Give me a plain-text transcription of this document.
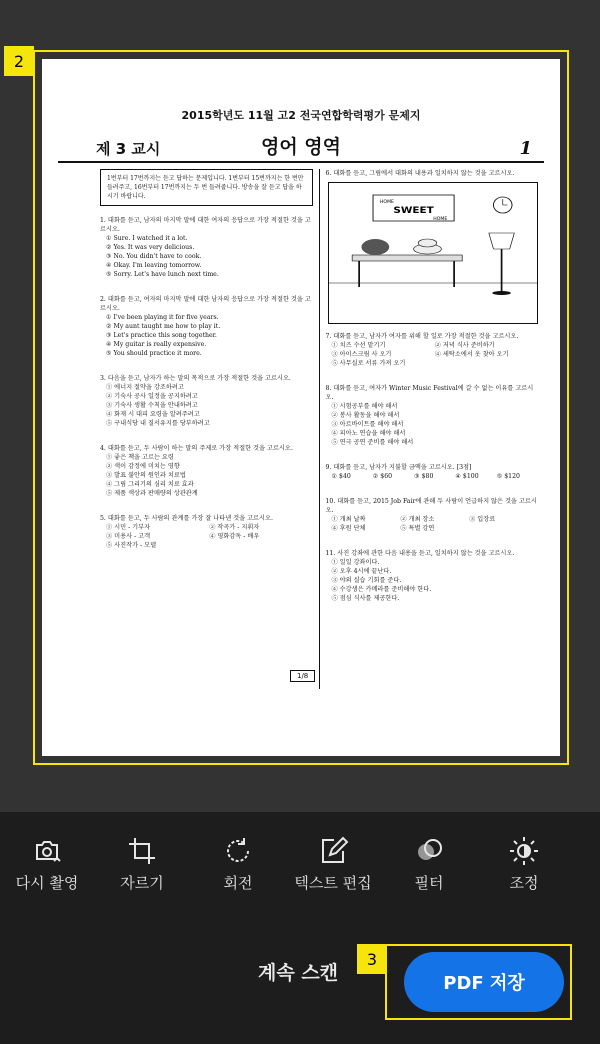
2
2015학년도 11월 고2 전국연합학력평가 문제지
제 3 교시	영어 영역	1
1번부터 17번까지는 듣고 답하는 문제입니다. 1번부터 15번까지는 한 번만 들려주고, 16번부터 17번까지는 두 번 들려줍니다. 방송을 잘 듣고 답을 하시기 바랍니다.
1. 대화를 듣고, 남자의 마지막 말에 대한 여자의 응답으로 가장 적절한 것을 고르시오.
① Sure. I watched it a lot.
② Yes. It was very delicious.
③ No. You didn't have to cook.
④ Okay. I'm leaving tomorrow.
⑤ Sorry. Let's have lunch next time.
2. 대화를 듣고, 여자의 마지막 말에 대한 남자의 응답으로 가장 적절한 것을 고르시오.
① I've been playing it for five years.
② My aunt taught me how to play it.
③ Let's practice this song together.
④ My guitar is really expensive.
⑤ You should practice it more.
3. 다음을 듣고, 남자가 하는 말의 목적으로 가장 적절한 것을 고르시오.
① 에너지 절약을 강조하려고
② 기숙사 공사 일정을 공지하려고
③ 기숙사 생활 수칙을 안내하려고
④ 화재 시 대피 요령을 알려주려고
⑤ 구내식당 내 질서유지를 당부하려고
4. 대화를 듣고, 두 사람이 하는 말의 주제로 가장 적절한 것을 고르시오.
① 좋은 책을 고르는 요령
② 색이 감정에 미치는 영향
③ 발표 불안의 원인과 치료법
④ 그림 그리기의 심리 치료 효과
⑤ 제품 색상과 판매량의 상관관계
5. 대화를 듣고, 두 사람의 관계를 가장 잘 나타낸 것을 고르시오.
① 시민 - 기부자	② 작곡가 - 지휘자
③ 미용사 - 고객	④ 영화감독 - 배우
⑤ 사진작가 - 모델
6. 대화를 듣고, 그림에서 대화의 내용과 일치하지 않는 것을 고르시오.
SWEET
HOME
HOME
7. 대화를 듣고, 남자가 여자를 위해 할 일로 가장 적절한 것을 고르시오.
① 치즈 수선 맡기기	② 저녁 식사 준비하기
③ 아이스크림 사 오기	④ 세탁소에서 옷 찾아 오기
⑤ 사무실로 서류 가져 오기
8. 대화를 듣고, 여자가 Winter Music Festival에 갈 수 없는 이유를 고르시오.
① 시험공부를 해야 해서
② 봉사 활동을 해야 해서
③ 아르바이트를 해야 해서
④ 피아노 연습을 해야 해서
⑤ 연극 공연 준비를 해야 해서
9. 대화를 듣고, 남자가 지불할 금액을 고르시오. [3점]
① $40	② $60	③ $80	④ $100	⑤ $120
10. 대화를 듣고, 2015 Job Fair에 관해 두 사람이 언급하지 않은 것을 고르시오.
① 개최 날짜	② 개최 장소	③ 입장료
④ 후원 단체	⑤ 특별 강연
11. 사진 강좌에 관한 다음 내용을 듣고, 일치하지 않는 것을 고르시오.
① 일일 강좌이다.
② 오후 4시에 끝난다.
③ 야외 실습 기회를 준다.
④ 수강생은 카메라를 준비해야 한다.
⑤ 점심 식사를 제공한다.
1/8
다시 촬영	자르기	회전	텍스트 편집	필터	조정
계속 스캔
3
PDF 저장
